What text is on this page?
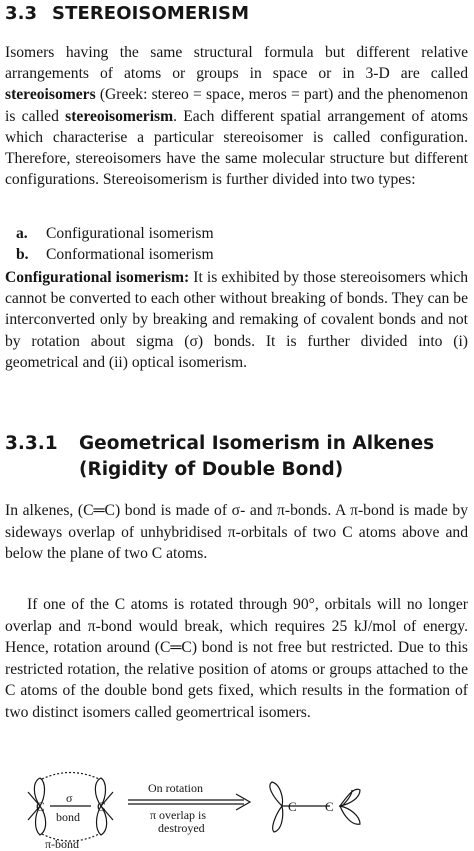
3.3 STEREOISOMERISM

Isomers having the same structural formula but different relative arrangements of atoms or groups in space or in 3-D are called stereoisomers (Greek: stereo = space, meros = part) and the phenomenon is called stereoisomerism. Each different spatial arrangement of atoms which characterise a particular stereoisomer is called configuration. Therefore, stereoisomers have the same molecular structure but different configurations. Stereoisomerism is further divided into two types:

a. Configurational isomerism
b. Conformational isomerism

Configurational isomerism: It is exhibited by those stereoisomers which cannot be converted to each other without breaking of bonds. They can be interconverted only by breaking and remaking of covalent bonds and not by rotation about sigma (σ) bonds. It is further divided into (i) geometrical and (ii) optical isomerism.

3.3.1 Geometrical Isomerism in Alkenes
(Rigidity of Double Bond)

In alkenes, (C═C) bond is made of σ- and π-bonds. A π-bond is made by sideways overlap of unhybridised π-orbitals of two C atoms above and below the plane of two C atoms.

If one of the C atoms is rotated through 90°, orbitals will no longer overlap and π-bond would break, which requires 25 kJ/mol of energy. Hence, rotation around (C═C) bond is not free but restricted. Due to this restricted rotation, the relative position of atoms or groups attached to the C atoms of the double bond gets fixed, which results in the formation of two distinct isomers called geomertrical isomers.

C	C
σ
bond
π-bond
On rotation
π overlap is
destroyed
C C
